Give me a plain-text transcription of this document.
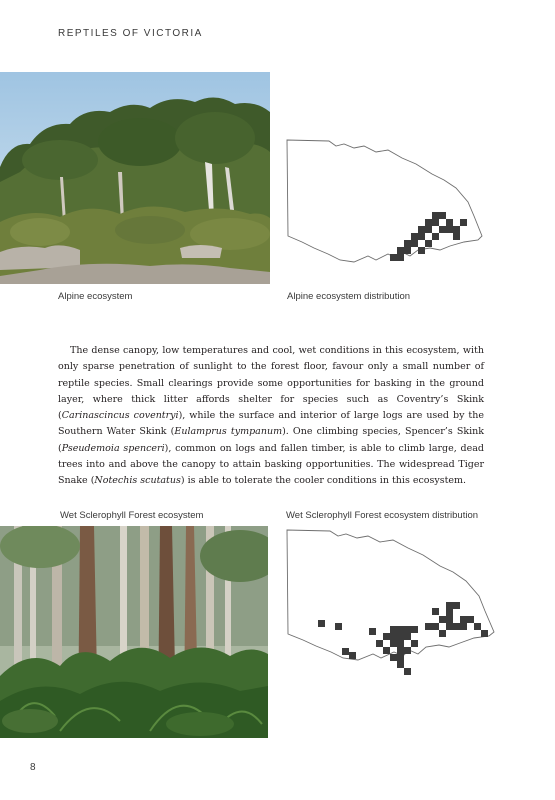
REPTILES OF VICTORIA
Alpine ecosystem	Alpine ecosystem distribution

The dense canopy, low temperatures and cool, wet conditions in this ecosystem, with only sparse penetration of sunlight to the forest floor, favour only a small number of reptile species. Small clearings provide some opportunities for basking in the ground layer, where thick litter affords shelter for species such as Coventry’s Skink (Carinascincus coventryi), while the surface and interior of large logs are used by the Southern Water Skink (Eulamprus tympanum). One climbing species, Spencer’s Skink (Pseudemoia spenceri), common on logs and fallen timber, is able to climb large, dead trees into and above the canopy to attain basking opportunities. The widespread Tiger Snake (Notechis scutatus) is able to tolerate the cooler conditions in this ecosystem.

Wet Sclerophyll Forest ecosystem	Wet Sclerophyll Forest ecosystem distribution
8
